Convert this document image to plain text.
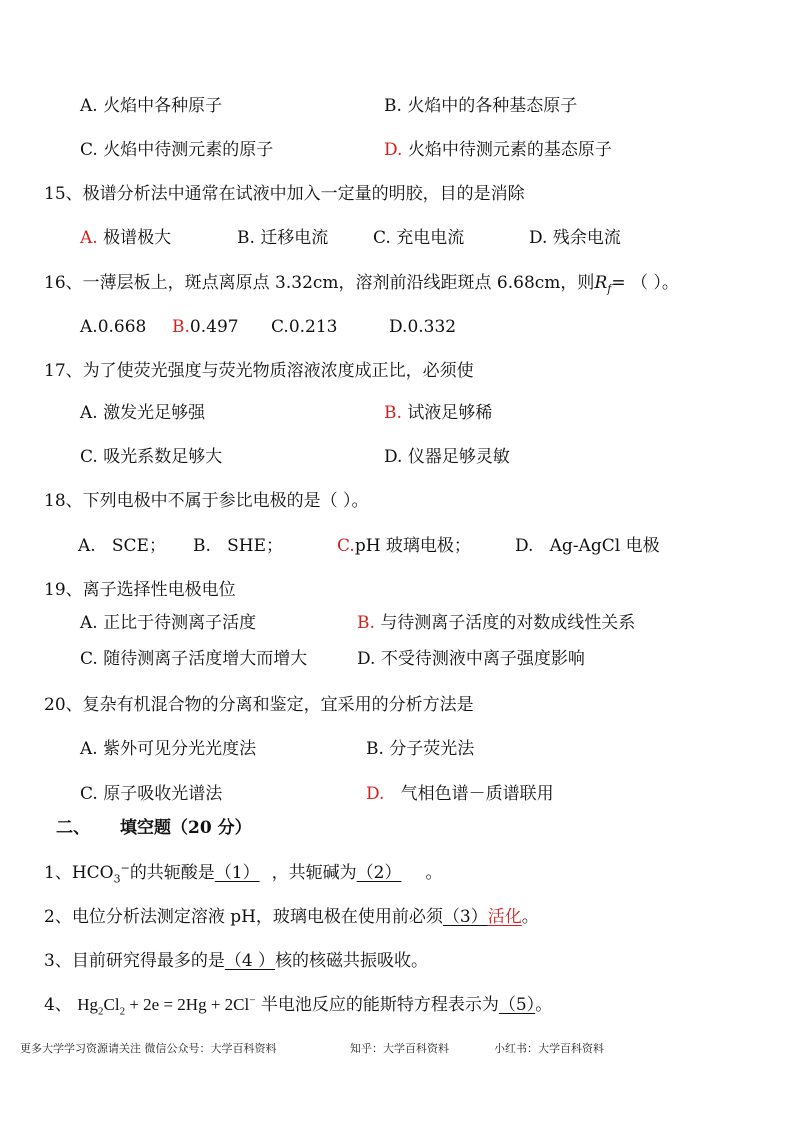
A. 火焰中各种原子	B. 火焰中的各种基态原子
C. 火焰中待测元素的原子	D. 火焰中待测元素的基态原子
15、极谱分析法中通常在试液中加入一定量的明胶，目的是消除
A. 极谱极大	B. 迁移电流	C. 充电电流	D. 残余电流
16、一薄层板上，斑点离原点 3.32cm，溶剂前沿线距斑点 6.68cm，则$R_f=$ （ ）。
A.0.668 B.0.497 C.0.213	D.0.332
17、为了使荧光强度与荧光物质溶液浓度成正比，必须使
A. 激发光足够强	B. 试液足够稀
C. 吸光系数足够大	D. 仪器足够灵敏
18、下列电极中不属于参比电极的是（ ）。
A. SCE； B. SHE；	C.pH 玻璃电极；	D. Ag-AgCl 电极
19、离子选择性电极电位
A. 正比于待测离子活度	B. 与待测离子活度的对数成线性关系
C. 随待测离子活度增大而增大	D. 不受待测液中离子强度影响
20、复杂有机混合物的分离和鉴定，宜采用的分析方法是
A. 紫外可见分光光度法	B. 分子荧光法
C. 原子吸收光谱法	D. 气相色谱－质谱联用
二、 填空题（20 分）
1、$HCO_3^-$的共轭酸是（1） ，共轭碱为（2） 。
2、电位分析法测定溶液 pH，玻璃电极在使用前必须（3）活化。
3、目前研究得最多的是（4 ）核的核磁共振吸收。
4、 $Hg_2Cl_2 + 2e = 2Hg + 2Cl^-$ 半电池反应的能斯特方程表示为（5）。
更多大学学习资源请关注 微信公众号：大学百科资料	知乎：大学百科资料	小红书：大学百科资料
